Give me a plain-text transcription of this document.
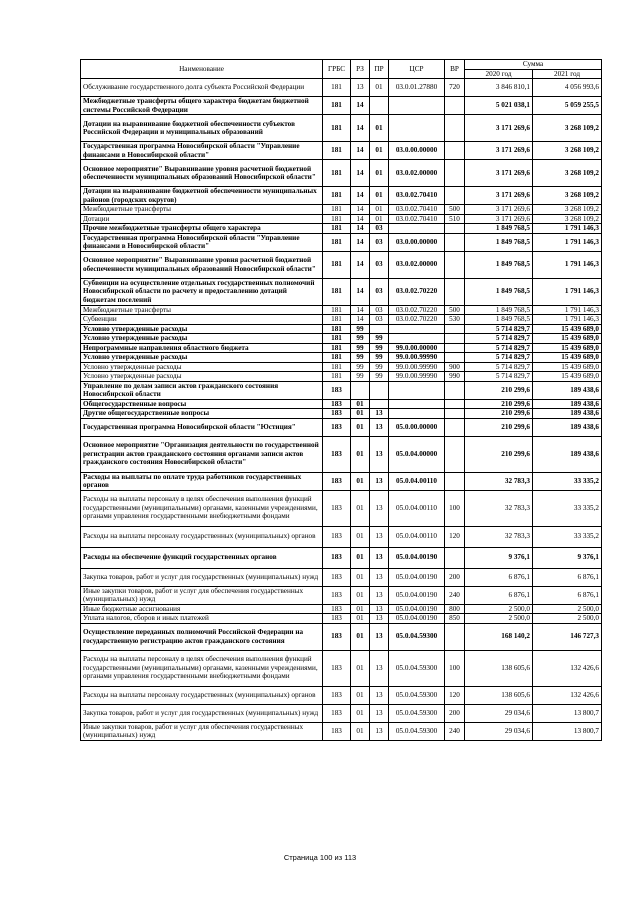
Наименование	ГРБС	РЗ	ПР	ЦСР	ВР	Сумма	
						2020 год	2021 год
Обслуживание государственного долга субъекта Российской Федерации	181	13	01	03.0.01.27880	720	3 846 810,1	4 056 993,6
Межбюджетные трансферты общего характера бюджетам бюджетной системы Российской Федерации	181	14				5 021 038,1	5 059 255,5
Дотации на выравнивание бюджетной обеспеченности субъектов Российской Федерации и муниципальных образований	181	14	01			3 171 269,6	3 268 109,2
Государственная программа Новосибирской области "Управление финансами в Новосибирской области"	181	14	01	03.0.00.00000		3 171 269,6	3 268 109,2
Основное мероприятие" Выравнивание уровня расчетной бюджетной обеспеченности муниципальных образований Новосибирской области"	181	14	01	03.0.02.00000		3 171 269,6	3 268 109,2
Дотации на выравнивание бюджетной обеспеченности муниципальных районов (городских округов)	181	14	01	03.0.02.70410		3 171 269,6	3 268 109,2
Межбюджетные трансферты	181	14	01	03.0.02.70410	500	3 171 269,6	3 268 109,2
Дотации	181	14	01	03.0.02.70410	510	3 171 269,6	3 268 109,2
Прочие межбюджетные трансферты общего характера	181	14	03			1 849 768,5	1 791 146,3
Государственная программа Новосибирской области "Управление финансами в Новосибирской области"	181	14	03	03.0.00.00000		1 849 768,5	1 791 146,3
Основное мероприятие" Выравнивание уровня расчетной бюджетной обеспеченности муниципальных образований Новосибирской области"	181	14	03	03.0.02.00000		1 849 768,5	1 791 146,3
Субвенции на осуществление отдельных государственных полномочий Новосибирской области по расчету и предоставлению дотаций бюджетам поселений	181	14	03	03.0.02.70220		1 849 768,5	1 791 146,3
Межбюджетные трансферты	181	14	03	03.0.02.70220	500	1 849 768,5	1 791 146,3
Субвенции	181	14	03	03.0.02.70220	530	1 849 768,5	1 791 146,3
Условно утвержденные расходы	181	99				5 714 829,7	15 439 689,0
Условно утвержденные расходы	181	99	99			5 714 829,7	15 439 689,0
Непрограммные направления областного бюджета	181	99	99	99.0.00.00000		5 714 829,7	15 439 689,0
Условно утвержденные расходы	181	99	99	99.0.00.99990		5 714 829,7	15 439 689,0
Условно утвержденные расходы	181	99	99	99.0.00.99990	900	5 714 829,7	15 439 689,0
Условно утвержденные расходы	181	99	99	99.0.00.99990	990	5 714 829,7	15 439 689,0
Управление по делам записи актов гражданского состояния Новосибирской области	183					210 299,6	189 438,6
Общегосударственные вопросы	183	01				210 299,6	189 438,6
Другие общегосударственные вопросы	183	01	13			210 299,6	189 438,6
Государственная программа Новосибирской области "Юстиция"	183	01	13	05.0.00.00000		210 299,6	189 438,6
Основное мероприятие "Организация деятельности по государственной регистрации актов гражданского состояния органами записи актов гражданского состояния Новосибирской области"	183	01	13	05.0.04.00000		210 299,6	189 438,6
Расходы на выплаты по оплате труда работников государственных органов	183	01	13	05.0.04.00110		32 783,3	33 335,2
Расходы на выплаты персоналу в целях обеспечения выполнения функций государственными (муниципальными) органами, казенными учреждениями, органами управления государственными внебюджетными фондами	183	01	13	05.0.04.00110	100	32 783,3	33 335,2
Расходы на выплаты персоналу государственных (муниципальных) органов	183	01	13	05.0.04.00110	120	32 783,3	33 335,2
Расходы на обеспечение функций государственных органов	183	01	13	05.0.04.00190		9 376,1	9 376,1
Закупка товаров, работ и услуг для государственных (муниципальных) нужд	183	01	13	05.0.04.00190	200	6 876,1	6 876,1
Иные закупки товаров, работ и услуг для обеспечения государственных (муниципальных) нужд	183	01	13	05.0.04.00190	240	6 876,1	6 876,1
Иные бюджетные ассигнования	183	01	13	05.0.04.00190	800	2 500,0	2 500,0
Уплата налогов, сборов и иных платежей	183	01	13	05.0.04.00190	850	2 500,0	2 500,0
Осуществление переданных полномочий Российской Федерации на государственную регистрацию актов гражданского состояния	183	01	13	05.0.04.59300		168 140,2	146 727,3
Расходы на выплаты персоналу в целях обеспечения выполнения функций государственными (муниципальными) органами, казенными учреждениями, органами управления государственными внебюджетными фондами	183	01	13	05.0.04.59300	100	138 605,6	132 426,6
Расходы на выплаты персоналу государственных (муниципальных) органов	183	01	13	05.0.04.59300	120	138 605,6	132 426,6
Закупка товаров, работ и услуг для государственных (муниципальных) нужд	183	01	13	05.0.04.59300	200	29 034,6	13 800,7
Иные закупки товаров, работ и услуг для обеспечения государственных (муниципальных) нужд	183	01	13	05.0.04.59300	240	29 034,6	13 800,7
Страница 100 из 113
